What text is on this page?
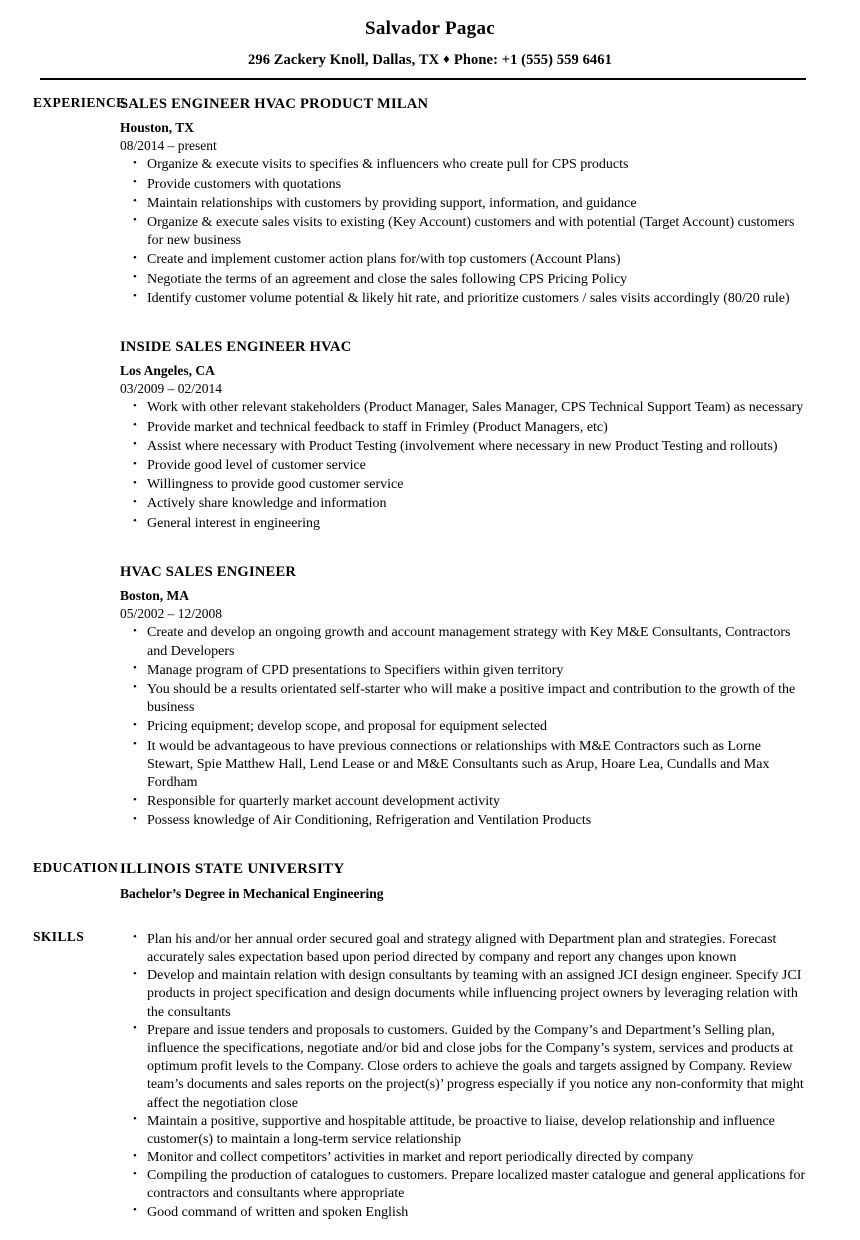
Salvador Pagac
296 Zackery Knoll, Dallas, TX ♦ Phone: +1 (555) 559 6461
EXPERIENCE
SALES ENGINEER HVAC PRODUCT MILAN
Houston, TX
08/2014 – present
• Organize & execute visits to specifies & influencers who create pull for CPS products
• Provide customers with quotations
• Maintain relationships with customers by providing support, information, and guidance
• Organize & execute sales visits to existing (Key Account) customers and with potential (Target Account) customers for new business
• Create and implement customer action plans for/with top customers (Account Plans)
• Negotiate the terms of an agreement and close the sales following CPS Pricing Policy
• Identify customer volume potential & likely hit rate, and prioritize customers / sales visits accordingly (80/20 rule)
INSIDE SALES ENGINEER HVAC
Los Angeles, CA
03/2009 – 02/2014
• Work with other relevant stakeholders (Product Manager, Sales Manager, CPS Technical Support Team) as necessary
• Provide market and technical feedback to staff in Frimley (Product Managers, etc)
• Assist where necessary with Product Testing (involvement where necessary in new Product Testing and rollouts)
• Provide good level of customer service
• Willingness to provide good customer service
• Actively share knowledge and information
• General interest in engineering
HVAC SALES ENGINEER
Boston, MA
05/2002 – 12/2008
• Create and develop an ongoing growth and account management strategy with Key M&E Consultants, Contractors and Developers
• Manage program of CPD presentations to Specifiers within given territory
• You should be a results orientated self-starter who will make a positive impact and contribution to the growth of the business
• Pricing equipment; develop scope, and proposal for equipment selected
• It would be advantageous to have previous connections or relationships with M&E Contractors such as Lorne Stewart, Spie Matthew Hall, Lend Lease or and M&E Consultants such as Arup, Hoare Lea, Cundalls and Max Fordham
• Responsible for quarterly market account development activity
• Possess knowledge of Air Conditioning, Refrigeration and Ventilation Products
EDUCATION ILLINOIS STATE UNIVERSITY
Bachelor’s Degree in Mechanical Engineering
SKILLS	• Plan his and/or her annual order secured goal and strategy aligned with Department plan and strategies. Forecast accurately sales expectation based upon period directed by company and report any changes upon known
• Develop and maintain relation with design consultants by teaming with an assigned JCI design engineer. Specify JCI products in project specification and design documents while influencing project owners by leveraging relation with the consultants
• Prepare and issue tenders and proposals to customers. Guided by the Company’s and Department’s Selling plan, influence the specifications, negotiate and/or bid and close jobs for the Company’s system, services and products at optimum profit levels to the Company. Close orders to achieve the goals and targets assigned by Company. Review team’s documents and sales reports on the project(s)’ progress especially if you notice any non-conformity that might affect the negotiation close
• Maintain a positive, supportive and hospitable attitude, be proactive to liaise, develop relationship and influence customer(s) to maintain a long-term service relationship
• Monitor and collect competitors’ activities in market and report periodically directed by company
• Compiling the production of catalogues to customers. Prepare localized master catalogue and general applications for contractors and consultants where appropriate
• Good command of written and spoken English
